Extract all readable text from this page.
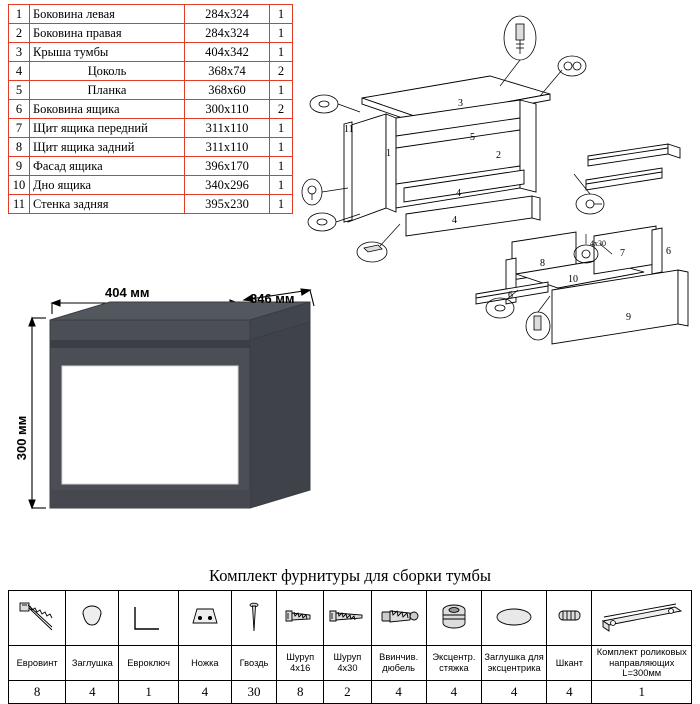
1	Боковина левая	284х324	1
2	Боковина правая	284х324	1
3	Крыша тумбы	404х342	1
4	Цоколь	368х74	2
5	Планка	368х60	1
6	Боковина ящика	300х110	2
7	Щит ящика передний	311х110	1
8	Щит ящика задний	311х110	1
9	Фасад ящика	396х170	1
10	Дно ящика	340х296	1
11	Стенка задняя	395х230	1
1	2
3
4
4
5
8
6
10
7	6
9
11
4x30
404 мм	346 мм
300 мм
Комплект фурнитуры для сборки тумбы

Евровинт	Заглушка	Евроключ	Ножка	Гвоздь	Шуруп 4х16	Шуруп 4х30	Ввинчив. дюбель	Эксцентр. стяжка	Заглушка для эксцентрика	Шкант	Комплект роликовых направляющих L=300мм
8	4	1	4	30	8	2	4	4	4	4	1
